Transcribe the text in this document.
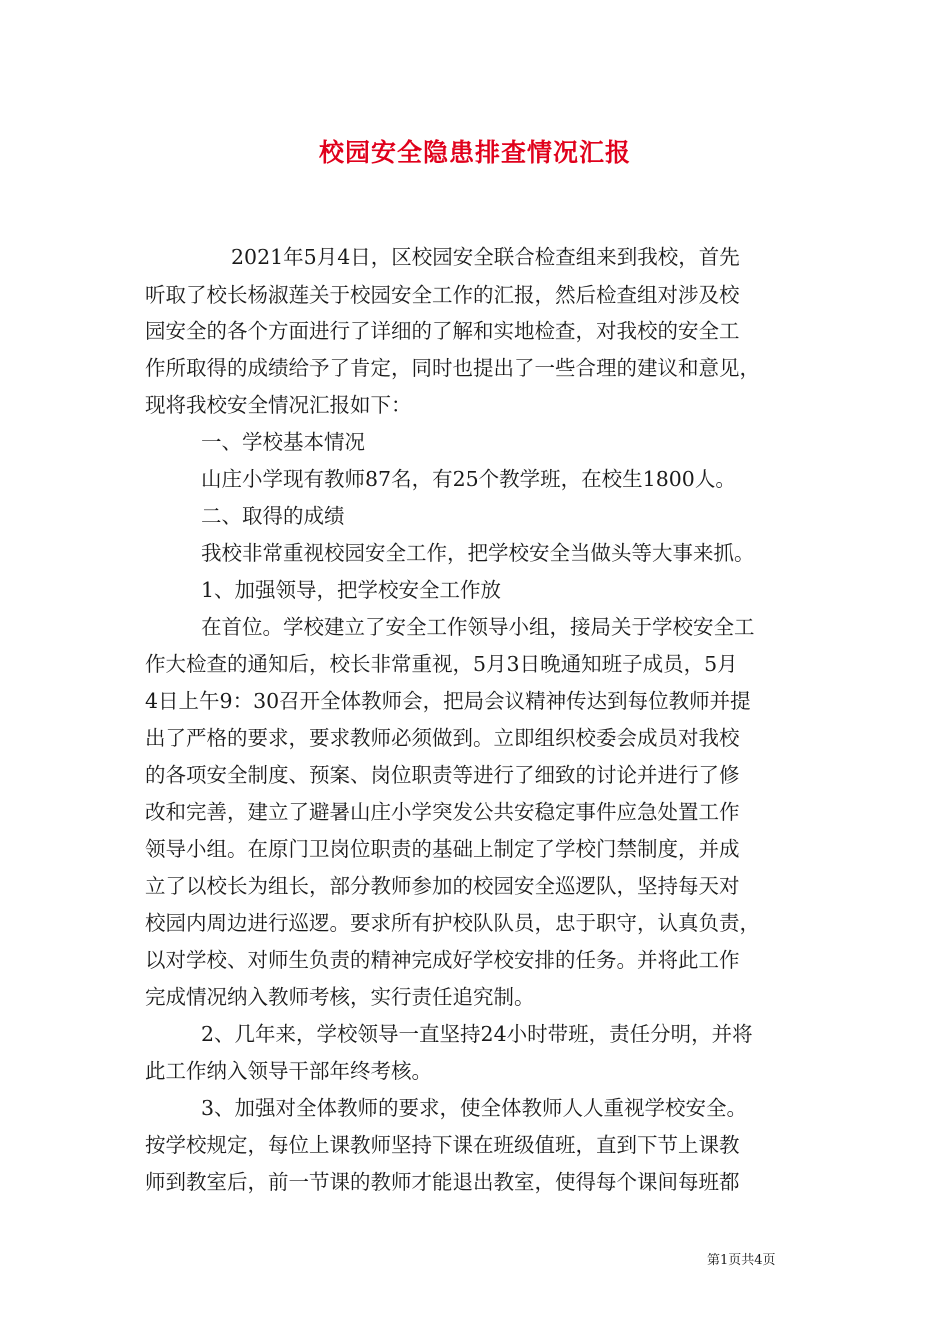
校园安全隐患排查情况汇报
2021年5月4日，区校园安全联合检查组来到我校，首先
听取了校长杨淑莲关于校园安全工作的汇报，然后检查组对涉及校
园安全的各个方面进行了详细的了解和实地检查，对我校的安全工
作所取得的成绩给予了肯定，同时也提出了一些合理的建议和意见，
现将我校安全情况汇报如下：
一、学校基本情况
山庄小学现有教师87名，有25个教学班，在校生1800人。
二、取得的成绩
我校非常重视校园安全工作，把学校安全当做头等大事来抓。
1、加强领导，把学校安全工作放
在首位。学校建立了安全工作领导小组，接局关于学校安全工
作大检查的通知后，校长非常重视，5月3日晚通知班子成员，5月
4日上午9：30召开全体教师会，把局会议精神传达到每位教师并提
出了严格的要求，要求教师必须做到。立即组织校委会成员对我校
的各项安全制度、预案、岗位职责等进行了细致的讨论并进行了修
改和完善，建立了避暑山庄小学突发公共安稳定事件应急处置工作
领导小组。在原门卫岗位职责的基础上制定了学校门禁制度，并成
立了以校长为组长，部分教师参加的校园安全巡逻队，坚持每天对
校园内周边进行巡逻。要求所有护校队队员，忠于职守，认真负责，
以对学校、对师生负责的精神完成好学校安排的任务。并将此工作
完成情况纳入教师考核，实行责任追究制。
2、几年来，学校领导一直坚持24小时带班，责任分明，并将
此工作纳入领导干部年终考核。
3、加强对全体教师的要求，使全体教师人人重视学校安全。
按学校规定，每位上课教师坚持下课在班级值班，直到下节上课教
师到教室后，前一节课的教师才能退出教室，使得每个课间每班都
第1页共4页
